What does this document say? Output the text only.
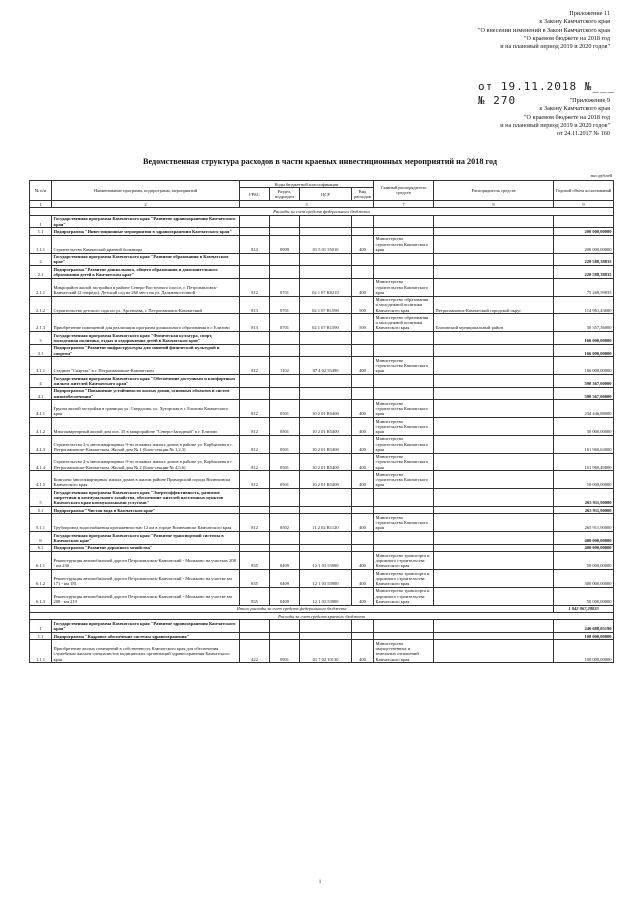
Приложение 11
к Закону Камчатского края
"О внесении изменений в Закон Камчатского края
"О краевом бюджете на 2018 год
и на плановый период 2019 и 2020 годов"
от 19.11.2018 №___
№ 270	"Приложение 9
к Закону Камчатского края
"О краевом бюджете на 2018 год
и на плановый период 2019 и 2020 годов"
от 24.11.2017 № 160
Ведомственная структура расходов в части краевых инвестиционных мероприятий на 2018 год
тыс.рублей
№ п/п	Наименование программ, подпрограмм, мероприятий	Коды бюджетной классификации				Главный распорядитель средств	Распорядитель средств	Годовой объем ассигнований
		ГРБС	Раздел, подраздел	ЦСР	Вид расходов			
1	2	3				7	8	9
Расходы за счет средств федерального бюджета								
1	Государственная программа Камчатского края "Развитие здравоохранения Камчатского края"							
1.1	Подпрограмма "Инвестиционные мероприятия в здравоохранении Камчатского края"							200 000,00000
1.1.1	Строительство Камчатской краевой больницы	814	0909	01 5 01 55010	400	Министерство строительства Камчатского края		200 000,00000
2	Государственная программа Камчатского края "Развитие образования в Камчатском крае"							220 588,38835
2.1	Подпрограмма "Развитие дошкольного, общего образования и дополнительного образования детей в Камчатском крае"							220 588,38835
2.1.1	Микрорайон жилой застройки в районе Северо-Восточного шоссе, г. Петропавловск-Камчатский (2 очередь). Детский сад на 260 мест на ул. Дальневосточной	812	0701	02 1 07 R0210	400	Министерство строительства Камчатского края		75 269,59835
2.1.2	Строительство детского сада по ул. Арсеньева, г. Петропавловск-Камчатский	813	0701	02 1 07 R1590	500	Министерство образования и молодежной политики Камчатского края	Петропавловск-Камчатский городской округ	114 961,43000
2.1.3	Приобретение помещений для реализации программ дошкольного образования в г. Елизово	813	0701	02 1 07 R1590	500	Министерство образования и молодежной политики Камчатского края	Елизовский муниципальный район	30 357,36000
3	Государственная программа Камчатского края "Физическая культура, спорт, молодежная политика, отдых и оздоровление детей в Камчатском крае"							166 000,00000
3.1	Подпрограмма "Развитие инфраструктуры для занятий физической культурой и спортом"							166 000,00000
3.1.1	Стадион "Спартак" в г. Петропавловске-Камчатском	812	1102	07 4 02 55490	400	Министерство строительства Камчатского края		166 000,00000
4	Государственная программа Камчатского края "Обеспечение доступным и комфортным жильем жителей Камчатского края"							590 367,00000
4.1	Подпрограмма "Повышение устойчивости жилых домов, основных объектов и систем жизнеобеспечения"							590 367,00000
4.1.1	Группа жилой застройки в границах ул. Свердлова, ул. Хуторская в г. Елизово Камчатского края	812	0501	10 2 01 R5400	400	Министерство строительства Камчатского края		234 446,88000
4.1.2	Многоквартирный жилой дом поз. 35 в микрорайоне "Северо-Западный" в г. Елизово	812	0501	10 2 01 R5400	400	Министерство строительства Камчатского края		30 000,00000
4.1.3	Строительство 2-х многоквартирных 9-ти этажных жилых домов в районе ул. Карбышева в г. Петропавловске-Камчатском. Жилой дом № 1 (Блок-секции № 1,2,3)	812	0501	10 2 01 R5400	400	Министерство строительства Камчатского края		161 960,63000
4.1.4	Строительство 2-х многоквартирных 9-ти этажных жилых домов в районе ул. Карбышева в г. Петропавловске-Камчатском. Жилой дом № 2 (Блок-секции № 4,5,6)	812	0501	10 2 01 R5400	400	Министерство строительства Камчатского края		161 960,49000
4.1.5	Комплекс многоквартирных жилых домов в жилом районе Приморский города Вилючинска Камчатского края	812	0501	10 2 01 R5400	400	Министерство строительства Камчатского края		10 000,00000
5	Государственная программа Камчатского края "Энергоэффективность, развитие энергетики и коммунального хозяйства, обеспечение жителей населенных пунктов Камчатского края коммунальными услугами"							265 911,90000
5.1	Подпрограмма "Чистая вода в Камчатском крае"							265 911,90000
5.1.1	Трубопровод водоснабжения протяженностью 12 км в городе Вилючинске Камчатского края	812	0502	11 2 02 R1120	400	Министерство строительства Камчатского края		265 911,90000
6	Государственная программа Камчатского края "Развитие транспортной системы в Камчатском крае"							400 000,00000
6.1	Подпрограмма "Развитие дорожного хозяйства"							400 000,00000
6.1.1	Реконструкция автомобильной дороги Петропавловск-Камчатский - Мильково на участках 208 - км 230	835	0409	12 1 03 53900	400	Министерство транспорта и дорожного строительства Камчатского края		50 000,00000
6.1.2	Реконструкция автомобильной дороги Петропавловск-Камчатский - Мильково на участке км 171 - км 181	835	0409	12 1 03 53900	400	Министерство транспорта и дорожного строительства Камчатского края		300 000,00000
6.1.3	Реконструкция автомобильной дороги Петропавловск-Камчатский - Мильково на участке км 208 - км 219	835	0409	12 1 03 53900	400	Министерство транспорта и дорожного строительства Камчатского края		50 000,00000
Итого расходы за счет средств федерального бюджета								1 842 867,28835
Расходы за счет средств краевого бюджета								
1	Государственная программа Камчатского края "Развитие здравоохранения Камчатского края"							246 688,05190
1.1	Подпрограмма "Кадровое обеспечение системы здравоохранения"							100 000,00000
1.1.1	Приобретение жилых помещений в собственность Камчатского края для обеспечения служебным жильем специалистов медицинских организаций здравоохранения Камчатского края	422	0901	01 7 02 10130	400	Министерство имущественных и земельных отношений Камчатского края		100 000,00000
1
